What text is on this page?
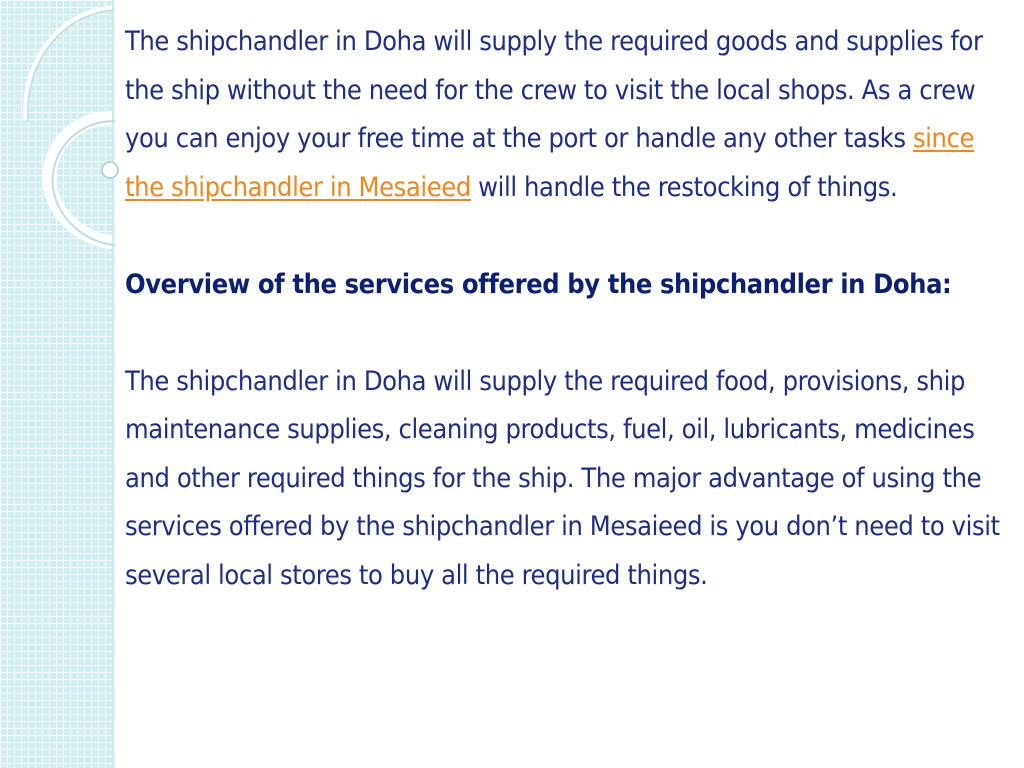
The shipchandler in Doha will supply the required goods and supplies for the ship without the need for the crew to visit the local shops. As a crew you can enjoy your free time at the port or handle any other tasks since the shipchandler in Mesaieed will handle the restocking of things.

Overview of the services offered by the shipchandler in Doha:

The shipchandler in Doha will supply the required food, provisions, ship maintenance supplies, cleaning products, fuel, oil, lubricants, medicines and other required things for the ship. The major advantage of using the services offered by the shipchandler in Mesaieed is you don’t need to visit several local stores to buy all the required things.
